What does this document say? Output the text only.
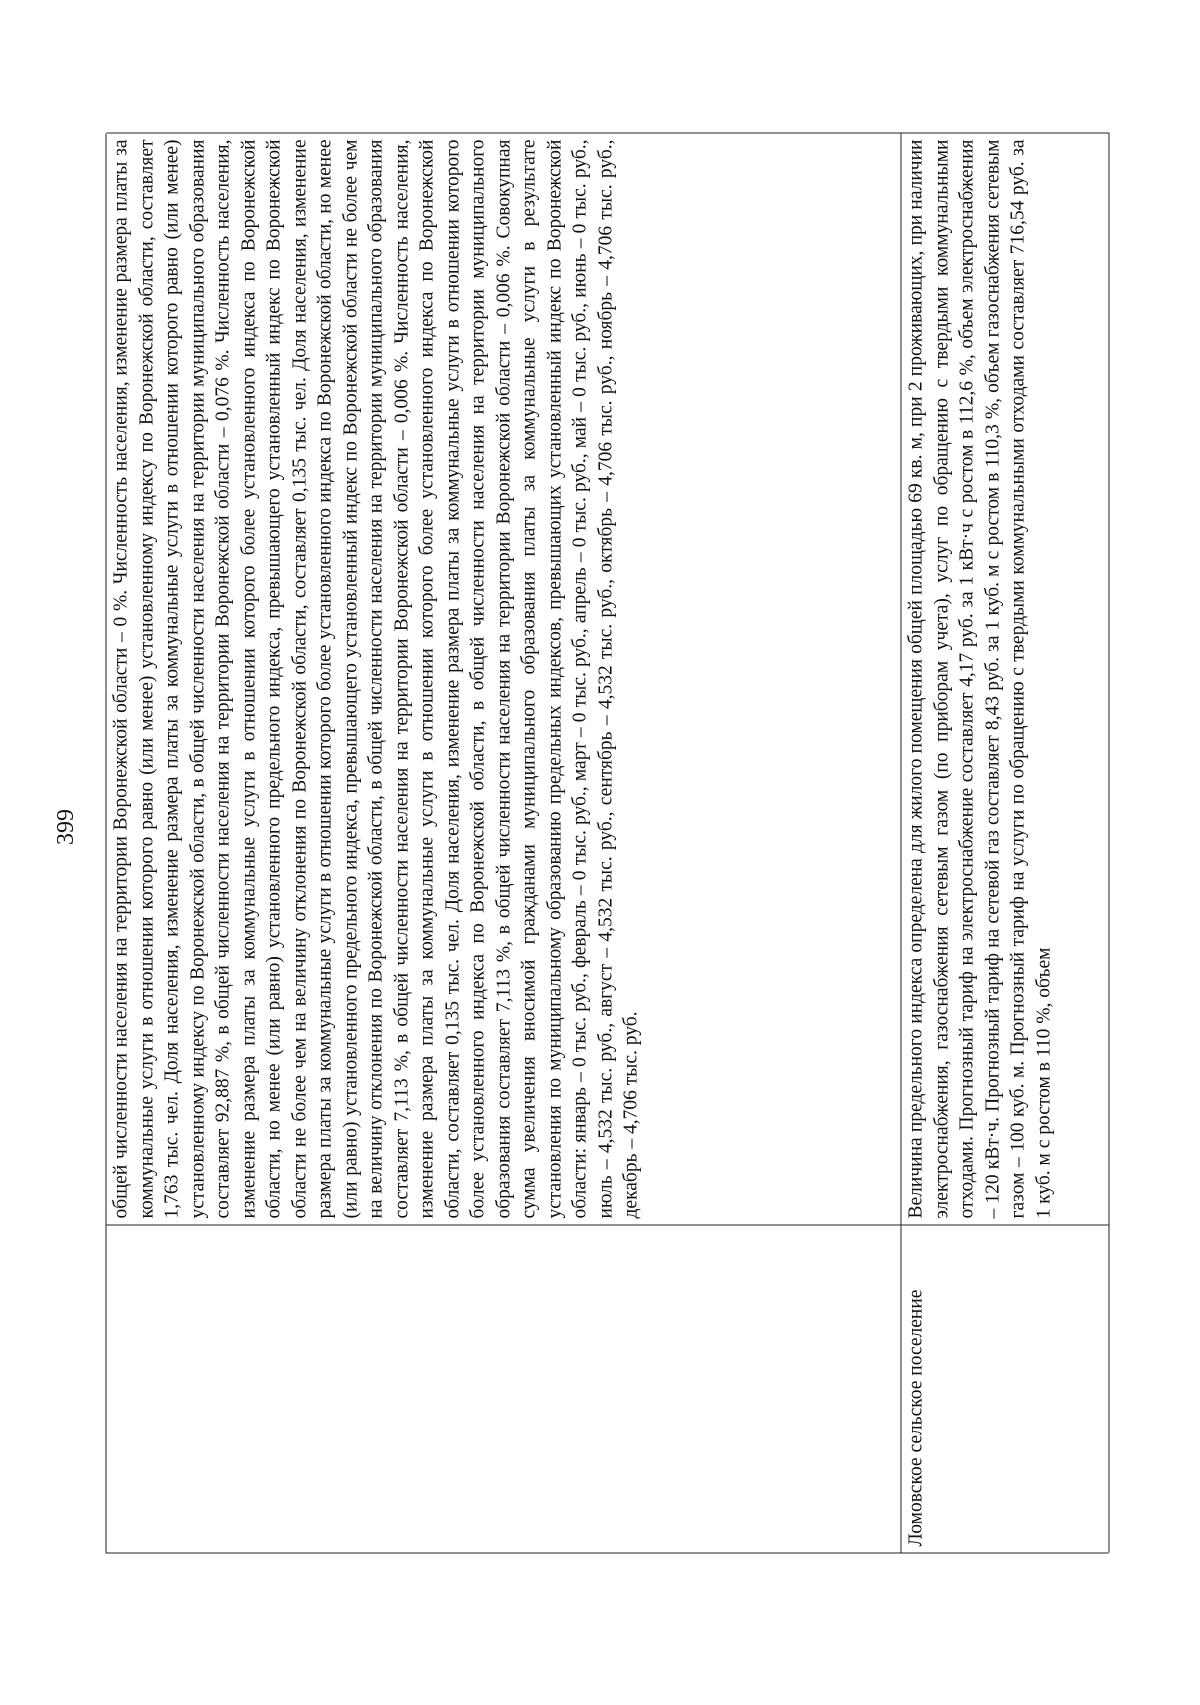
399 общей численности населения на территории Воронежской области – 0 %. Численность населения, изменение размера платы за коммунальные услуги в отношении которого равно (или менее) установленному индексу по Воронежской области, составляет 1,763 тыс. чел. Доля населения, изменение размера платы за коммунальные услуги в отношении которого равно (или менее) установленному индексу по Воронежской области, в общей численности населения на территории муниципального образования составляет 92,887 %, в общей численности населения на территории Воронежской области – 0,076 %. Численность населения, изменение размера платы за коммунальные услуги в отношении которого более установленного индекса по Воронежской области, но менее (или равно) установленного предельного индекса, превышающего установленный индекс по Воронежской области не более чем на величину отклонения по Воронежской области, составляет 0,135 тыс. чел. Доля населения, изменение размера платы за коммунальные услуги в отношении которого более установленного индекса по Воронежской области, но менее (или равно) установленного предельного индекса, превышающего установленный индекс по Воронежской области не более чем на величину отклонения по Воронежской области, в общей численности населения на территории муниципального образования составляет 7,113 %, в общей численности населения на территории Воронежской области – 0,006 %. Численность населения, изменение размера платы за коммунальные услуги в отношении которого более установленного индекса по Воронежской области, составляет 0,135 тыс. чел. Доля населения, изменение размера платы за коммунальные услуги в отношении которого более установленного индекса по Воронежской области, в общей численности населения на территории муниципального образования составляет 7,113 %, в общей численности населения на территории Воронежской области – 0,006 %. Совокупная сумма увеличения вносимой гражданами муниципального образования платы за коммунальные услуги в результате установления по муниципальному образованию предельных индексов, превышающих установленный индекс по Воронежской области: январь – 0 тыс. руб., февраль – 0 тыс. руб., март – 0 тыс. руб., апрель – 0 тыс. руб., май – 0 тыс. руб., июнь – 0 тыс. руб., июль – 4,532 тыс. руб., август – 4,532 тыс. руб., сентябрь – 4,532 тыс. руб., октябрь – 4,706 тыс. руб., ноябрь – 4,706 тыс. руб., декабрь – 4,706 тыс. руб.
Ломовское сельское поселение
Величина предельного индекса определена для жилого помещения общей площадью 69 кв. м, при 2 проживающих, при наличии электроснабжения, газоснабжения сетевым газом (по приборам учета), услуг по обращению с твердыми коммунальными отходами. Прогнозный тариф на электроснабжение составляет 4,17 руб. за 1 кВт·ч с ростом в 112,6 %, объем электроснабжения – 120 кВт·ч. Прогнозный тариф на сетевой газ составляет 8,43 руб. за 1 куб. м с ростом в 110,3 %, объем газоснабжения сетевым газом – 100 куб. м. Прогнозный тариф на услуги по обращению с твердыми коммунальными отходами составляет 716,54 руб. за 1 куб. м с ростом в 110 %, объем
